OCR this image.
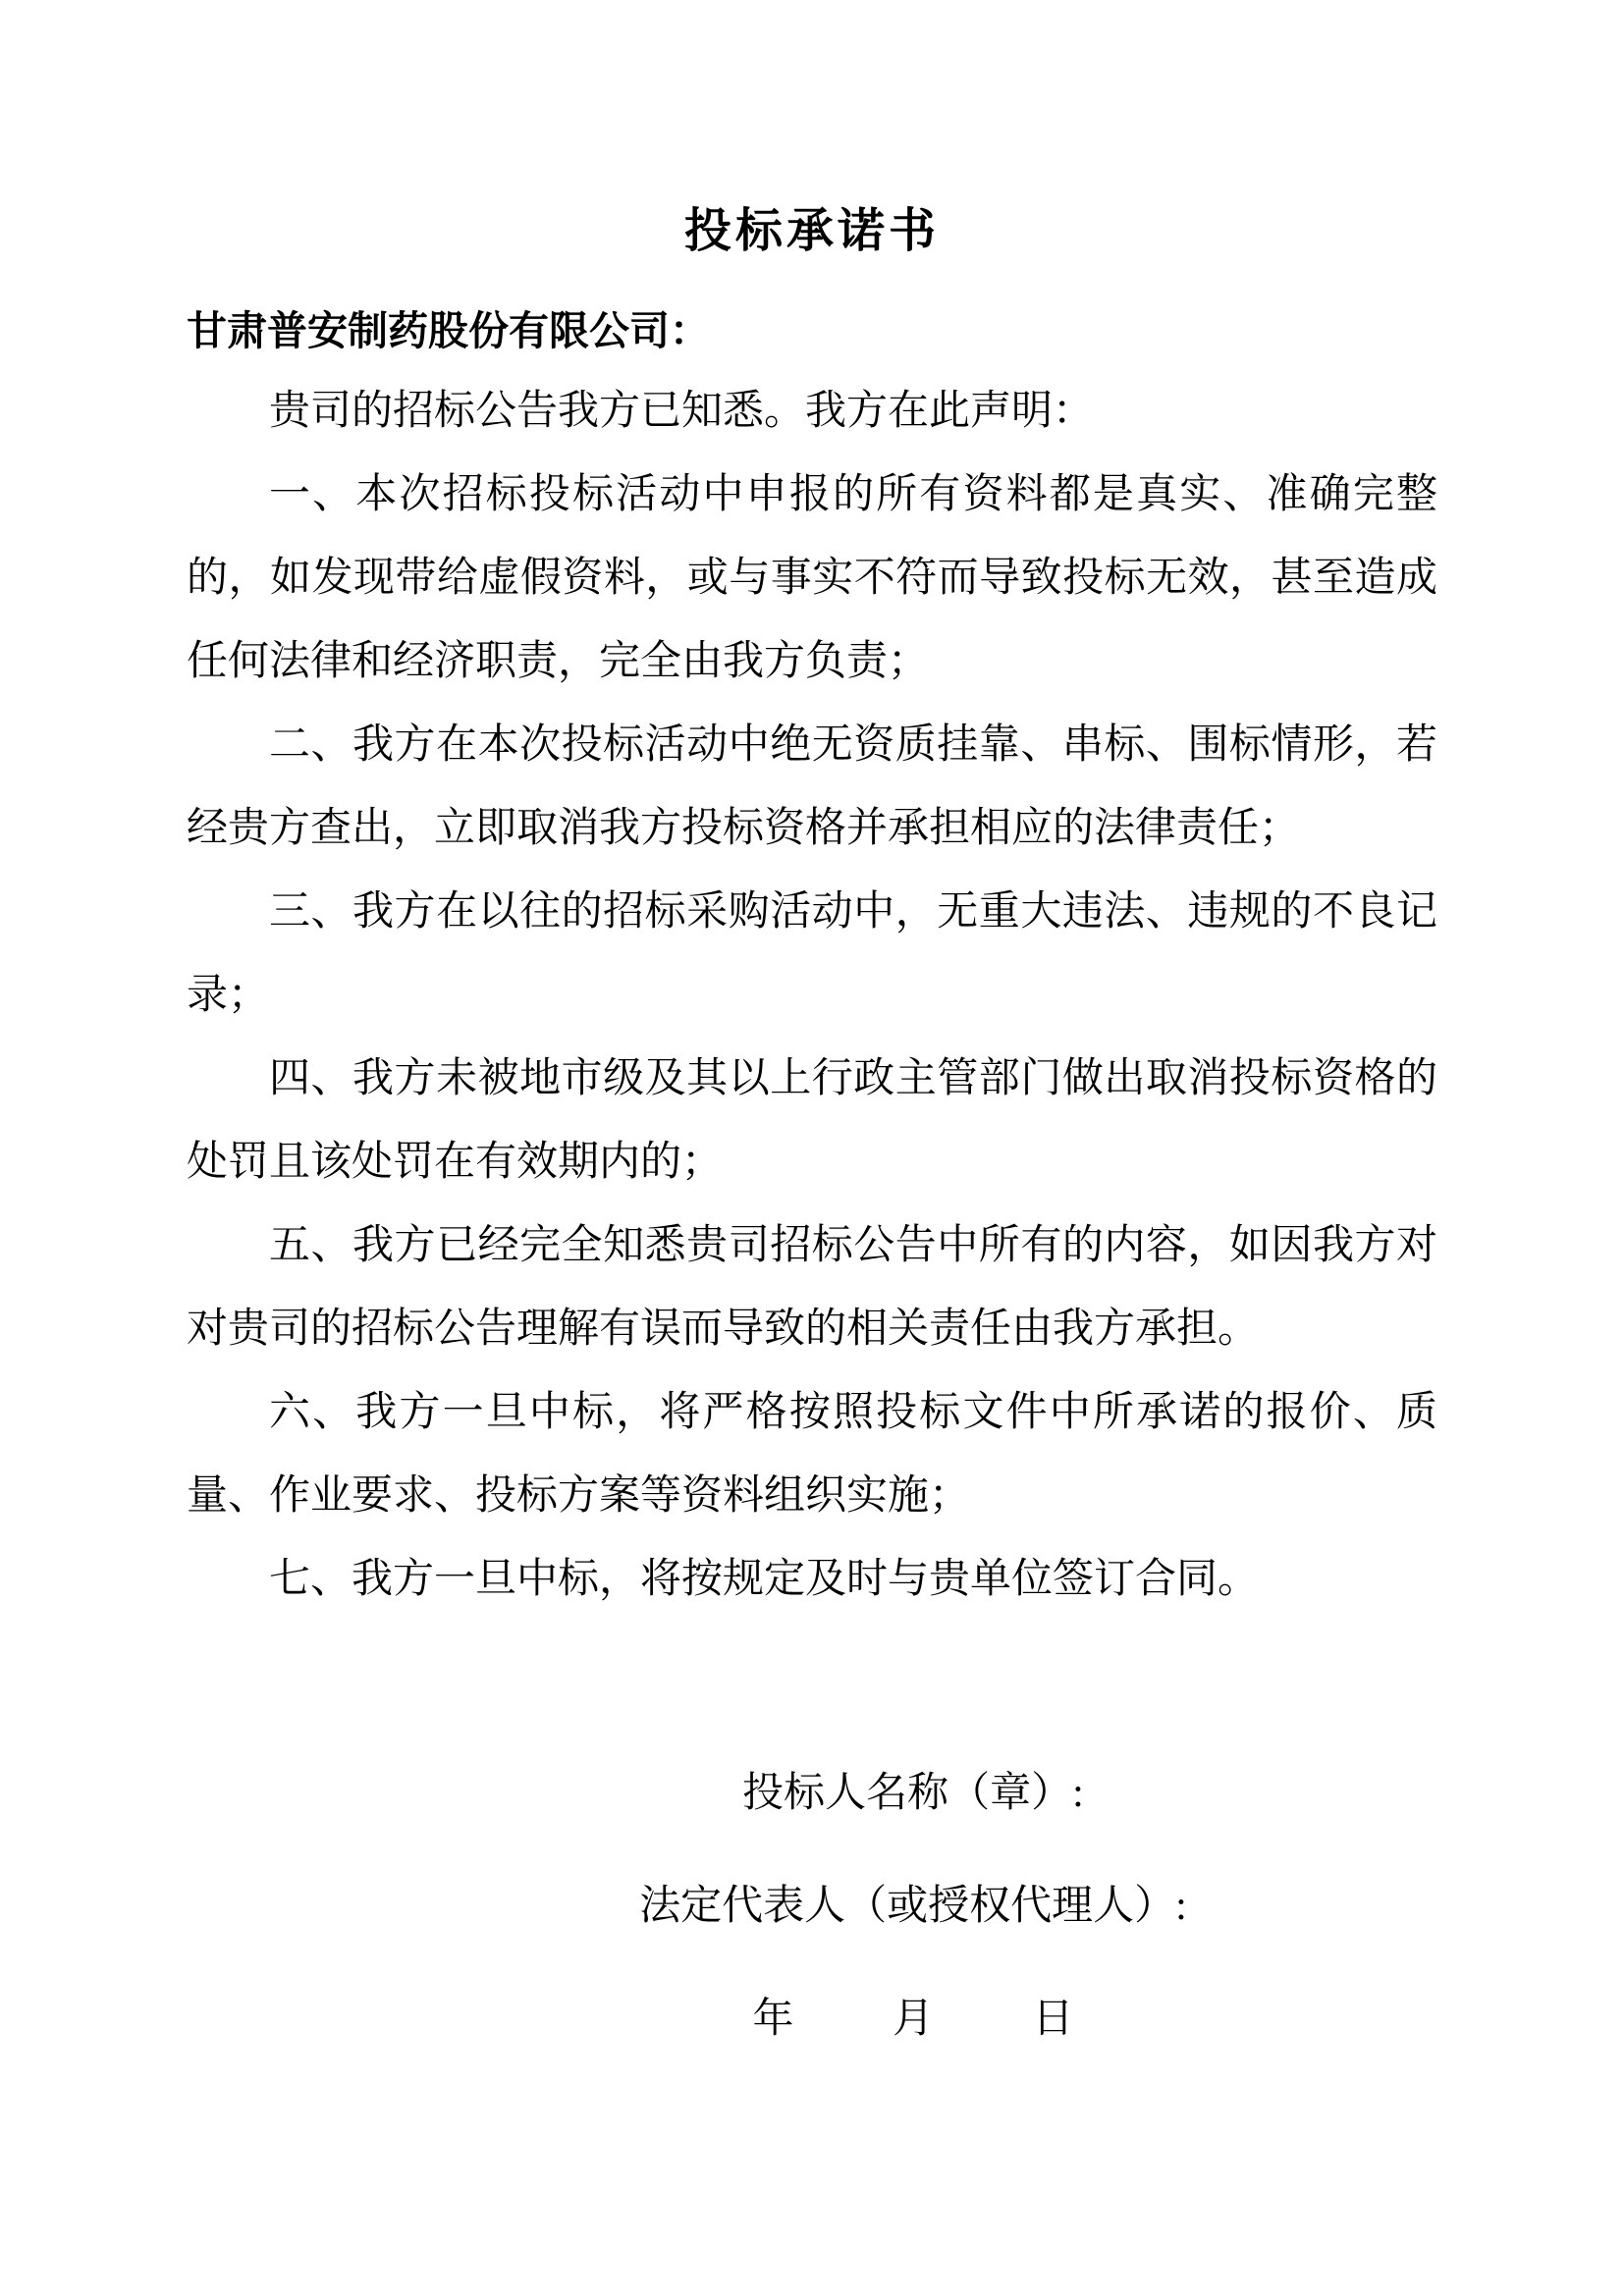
投标承诺书

甘肃普安制药股份有限公司：

贵司的招标公告我方已知悉。我方在此声明：

一、本次招标投标活动中申报的所有资料都是真实、准确完整的，如发现带给虚假资料，或与事实不符而导致投标无效，甚至造成任何法律和经济职责，完全由我方负责；

二、我方在本次投标活动中绝无资质挂靠、串标、围标情形，若经贵方查出，立即取消我方投标资格并承担相应的法律责任；

三、我方在以往的招标采购活动中，无重大违法、违规的不良记录；

四、我方未被地市级及其以上行政主管部门做出取消投标资格的处罚且该处罚在有效期内的；

五、我方已经完全知悉贵司招标公告中所有的内容，如因我方对对贵司的招标公告理解有误而导致的相关责任由我方承担。

六、我方一旦中标，将严格按照投标文件中所承诺的报价、质量、作业要求、投标方案等资料组织实施；

七、我方一旦中标，将按规定及时与贵单位签订合同。

投标人名称（章）:
法定代表人（或授权代理人）:
年 月 日
